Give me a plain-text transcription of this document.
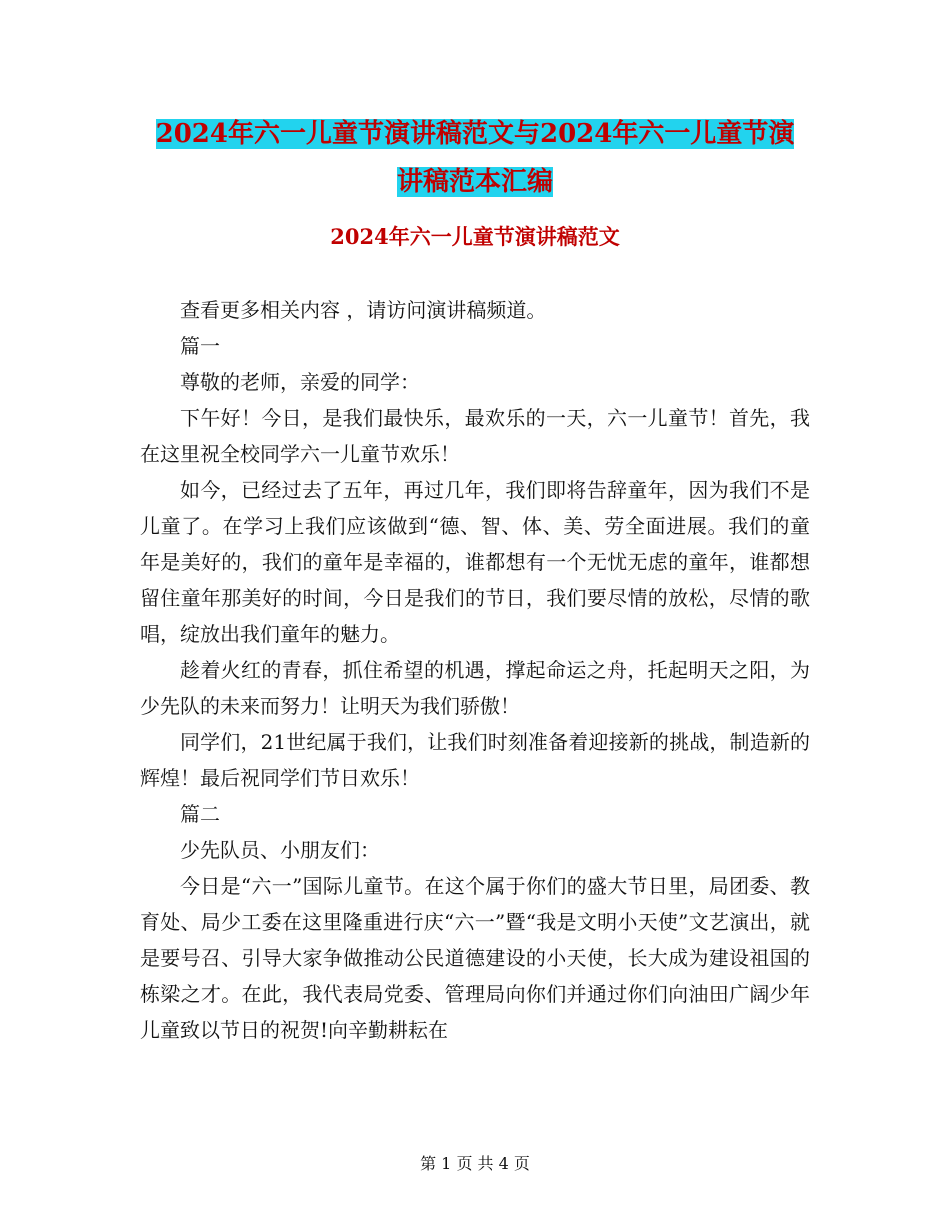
2024年六一儿童节演讲稿范文与2024年六一儿童节演
讲稿范本汇编
2024年六一儿童节演讲稿范文

查看更多相关内容 ，请访问演讲稿频道。

篇一

尊敬的老师，亲爱的同学：

下午好！今日，是我们最快乐，最欢乐的一天，六一儿童节！首先，我在这里祝全校同学六一儿童节欢乐！

如今，已经过去了五年，再过几年，我们即将告辞童年，因为我们不是儿童了。在学习上我们应该做到“德、智、体、美、劳全面进展。我们的童年是美好的，我们的童年是幸福的，谁都想有一个无忧无虑的童年，谁都想留住童年那美好的时间，今日是我们的节日，我们要尽情的放松，尽情的歌唱，绽放出我们童年的魅力。

趁着火红的青春，抓住希望的机遇，撑起命运之舟，托起明天之阳，为少先队的未来而努力！让明天为我们骄傲！

同学们，21世纪属于我们，让我们时刻准备着迎接新的挑战，制造新的辉煌！最后祝同学们节日欢乐！

篇二

少先队员、小朋友们：

今日是“六一”国际儿童节。在这个属于你们的盛大节日里，局团委、教育处、局少工委在这里隆重进行庆“六一”暨“我是文明小天使”文艺演出，就是要号召、引导大家争做推动公民道德建设的小天使，长大成为建设祖国的栋梁之才。在此，我代表局党委、管理局向你们并通过你们向油田广阔少年儿童致以节日的祝贺!向辛勤耕耘在

第 1 页 共 4 页
